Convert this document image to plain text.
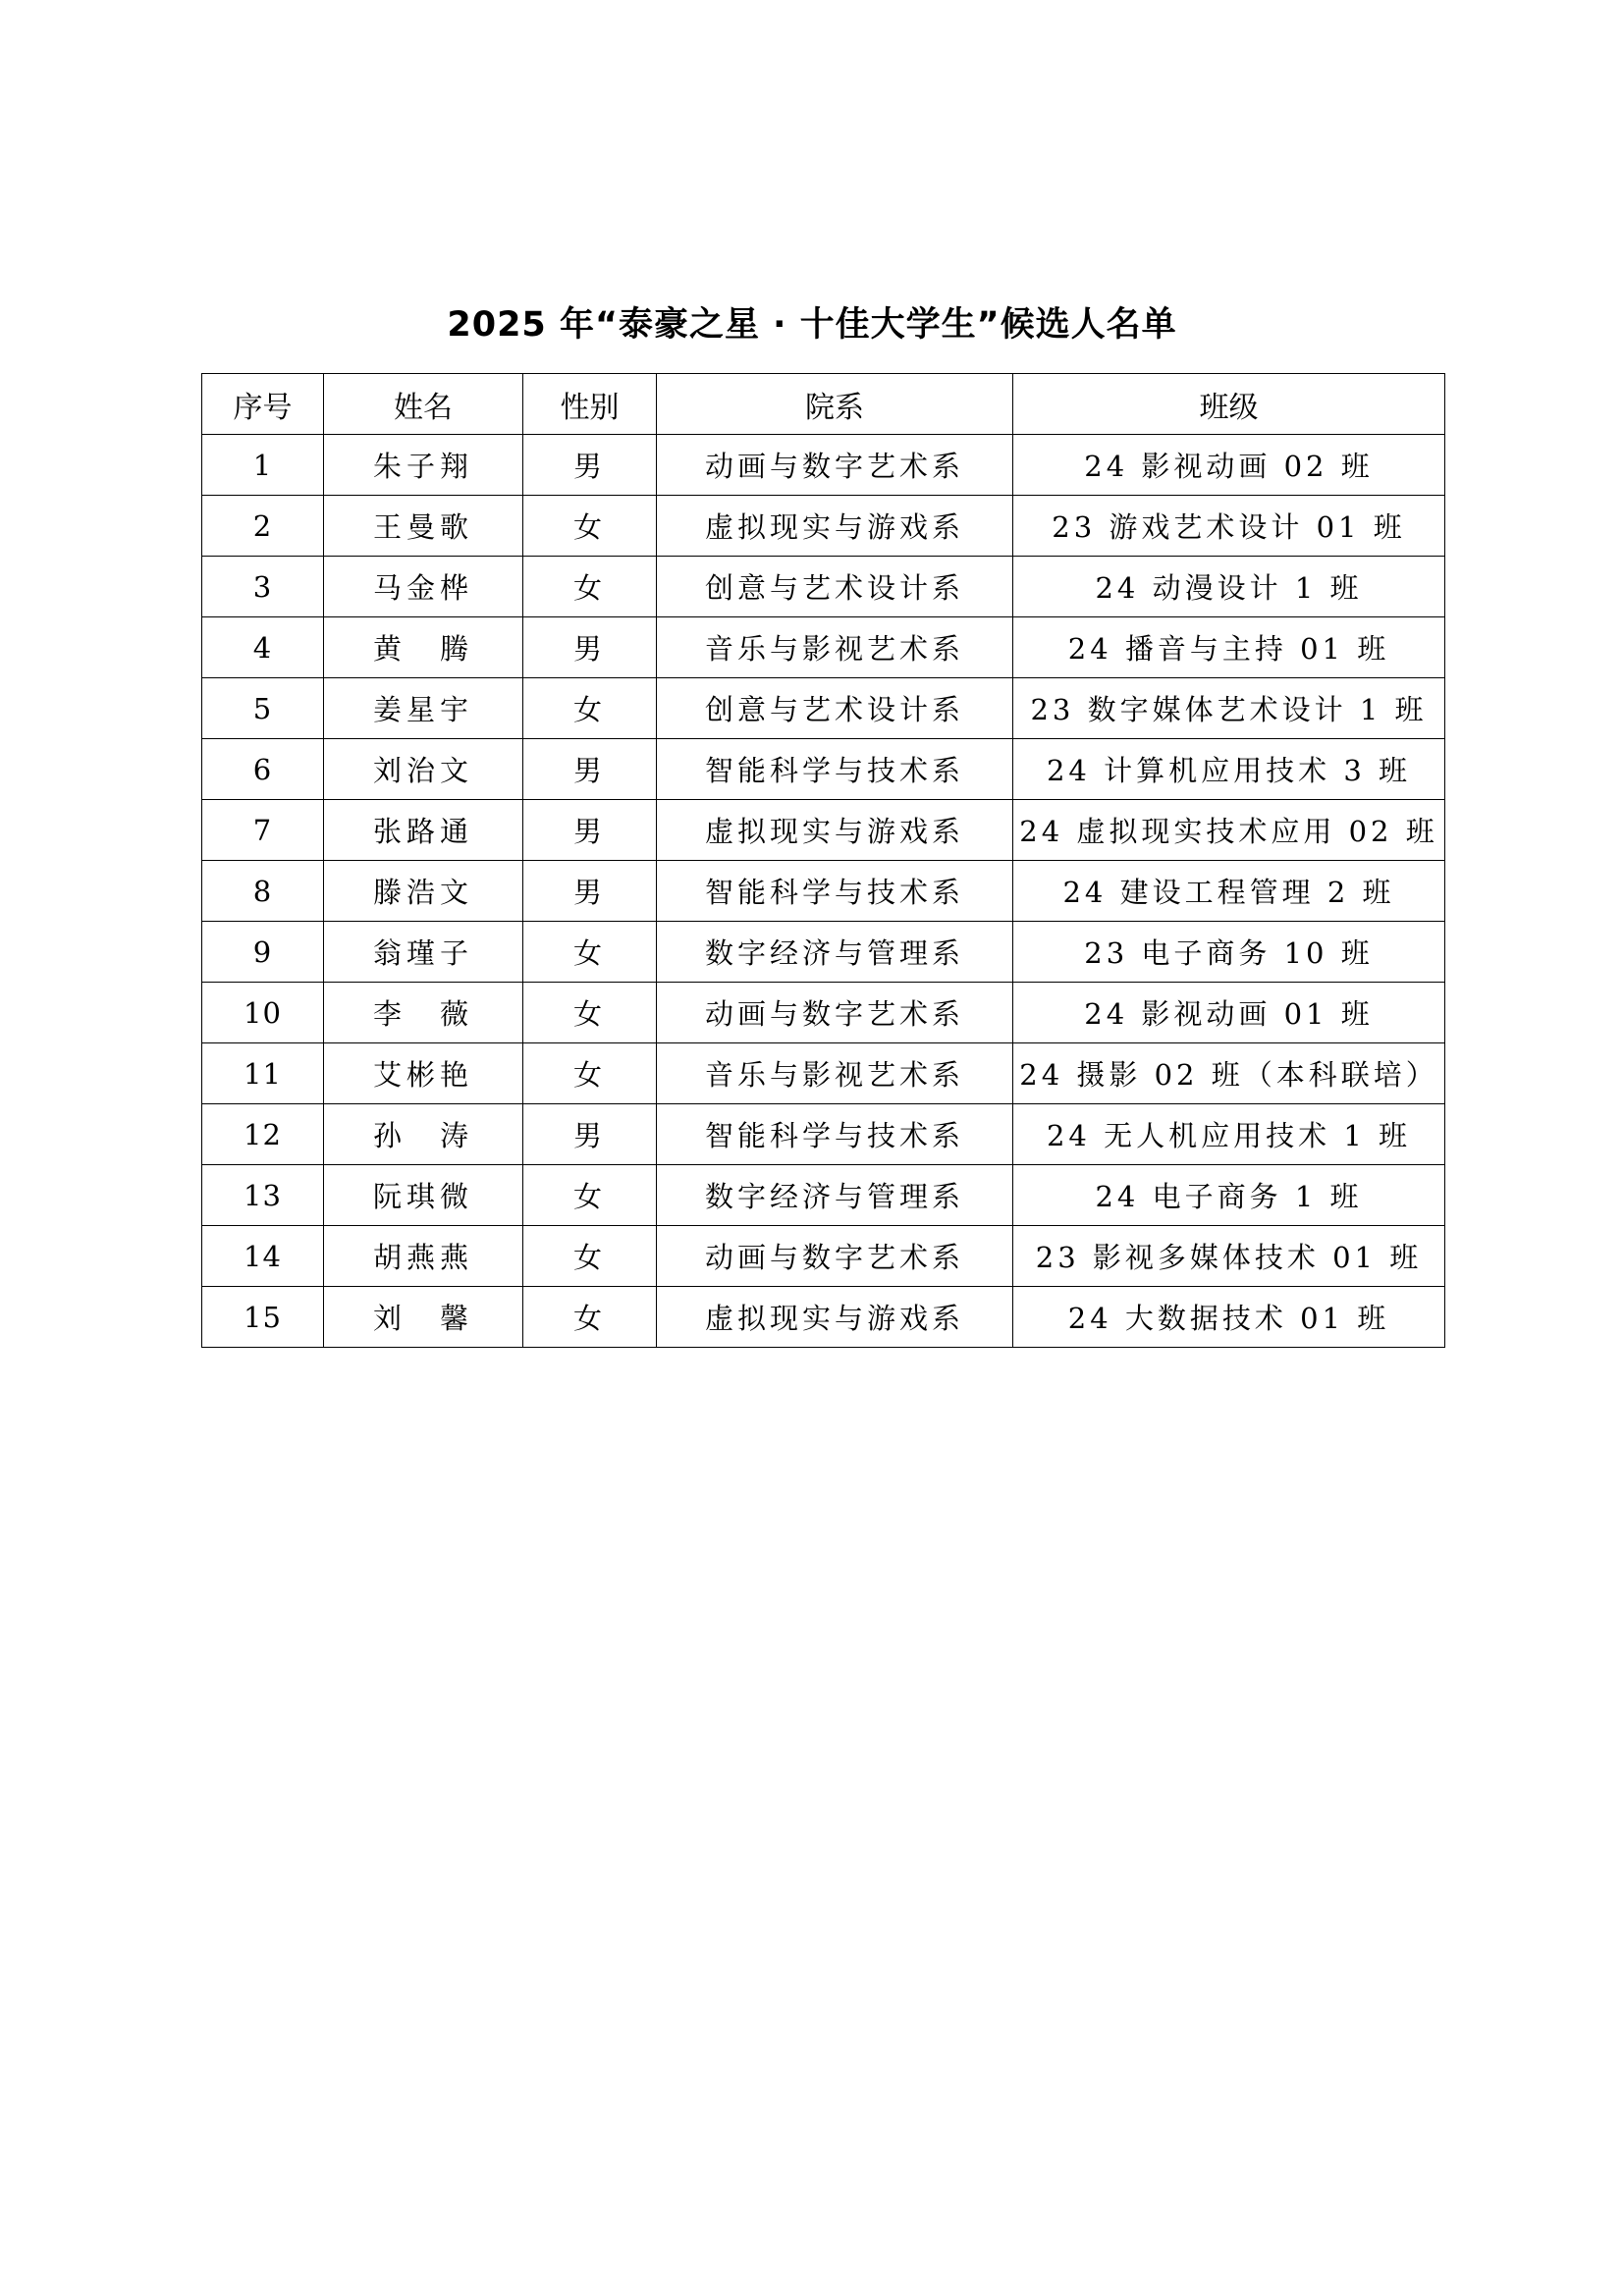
2025 年“泰豪之星 · 十佳大学生”候选人名单
序号	姓名	性别	院系	班级
1	朱子翔	男	动画与数字艺术系	24 影视动画 02 班
2	王曼歌	女	虚拟现实与游戏系	23 游戏艺术设计 01 班
3	马金桦	女	创意与艺术设计系	24 动漫设计 1 班
4	黄　腾	男	音乐与影视艺术系	24 播音与主持 01 班
5	姜星宇	女	创意与艺术设计系	23 数字媒体艺术设计 1 班
6	刘治文	男	智能科学与技术系	24 计算机应用技术 3 班
7	张路通	男	虚拟现实与游戏系	24 虚拟现实技术应用 02 班
8	滕浩文	男	智能科学与技术系	24 建设工程管理 2 班
9	翁瑾子	女	数字经济与管理系	23 电子商务 10 班
10	李　薇	女	动画与数字艺术系	24 影视动画 01 班
11	艾彬艳	女	音乐与影视艺术系	24 摄影 02 班（本科联培）
12	孙　涛	男	智能科学与技术系	24 无人机应用技术 1 班
13	阮琪微	女	数字经济与管理系	24 电子商务 1 班
14	胡燕燕	女	动画与数字艺术系	23 影视多媒体技术 01 班
15	刘　馨	女	虚拟现实与游戏系	24 大数据技术 01 班
